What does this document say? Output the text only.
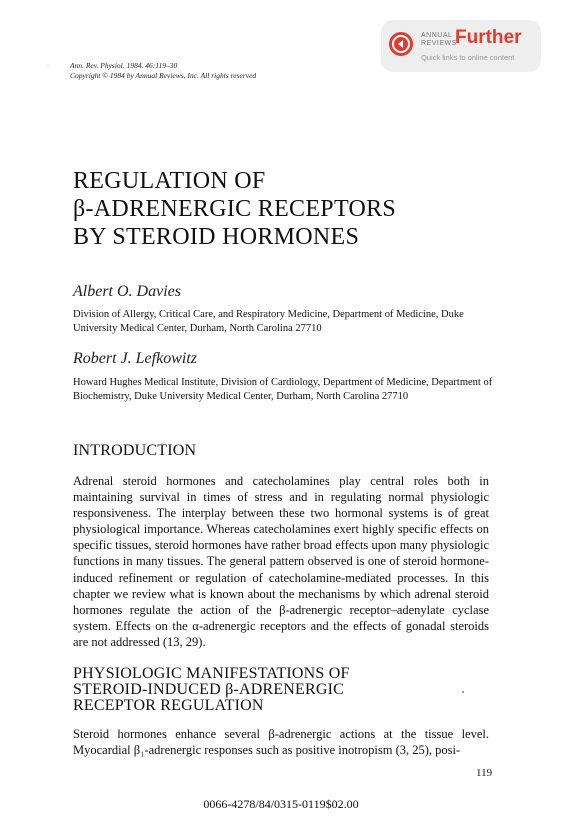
ANNUAL
REVIEWS
Further
Quick links to online content
·	Ann. Rev. Physiol. 1984. 46:119–30
Copyright © 1984 by Annual Reviews, Inc. All rights reserved
REGULATION OF
β-ADRENERGIC RECEPTORS
BY STEROID HORMONES
Albert O. Davies
Division of Allergy, Critical Care, and Respiratory Medicine, Department of Medicine, Duke University Medical Center, Durham, North Carolina 27710
Robert J. Lefkowitz
Howard Hughes Medical Institute, Division of Cardiology, Department of Medicine, Department of Biochemistry, Duke University Medical Center, Durham, North Carolina 27710
INTRODUCTION
Adrenal steroid hormones and catecholamines play central roles both in maintaining survival in times of stress and in regulating normal physiologic responsiveness. The interplay between these two hormonal systems is of great physiological importance. Whereas catecholamines exert highly specific effects on specific tissues, steroid hormones have rather broad effects upon many physiologic functions in many tissues. The general pattern observed is one of steroid hormone-induced refinement or regulation of catecholamine-mediated processes. In this chapter we review what is known about the mechanisms by which adrenal steroid hormones regulate the action of the β-adrenergic receptor–adenylate cyclase system. Effects on the α-adrenergic receptors and the effects of gonadal steroids are not addressed (13, 29).
PHYSIOLOGIC MANIFESTATIONS OF
STEROID-INDUCED β-ADRENERGIC
RECEPTOR REGULATION
Steroid hormones enhance several β-adrenergic actions at the tissue level. Myocardial β₁-adrenergic responses such as positive inotropism (3, 25), posi-
119
0066-4278/84/0315-0119$02.00
